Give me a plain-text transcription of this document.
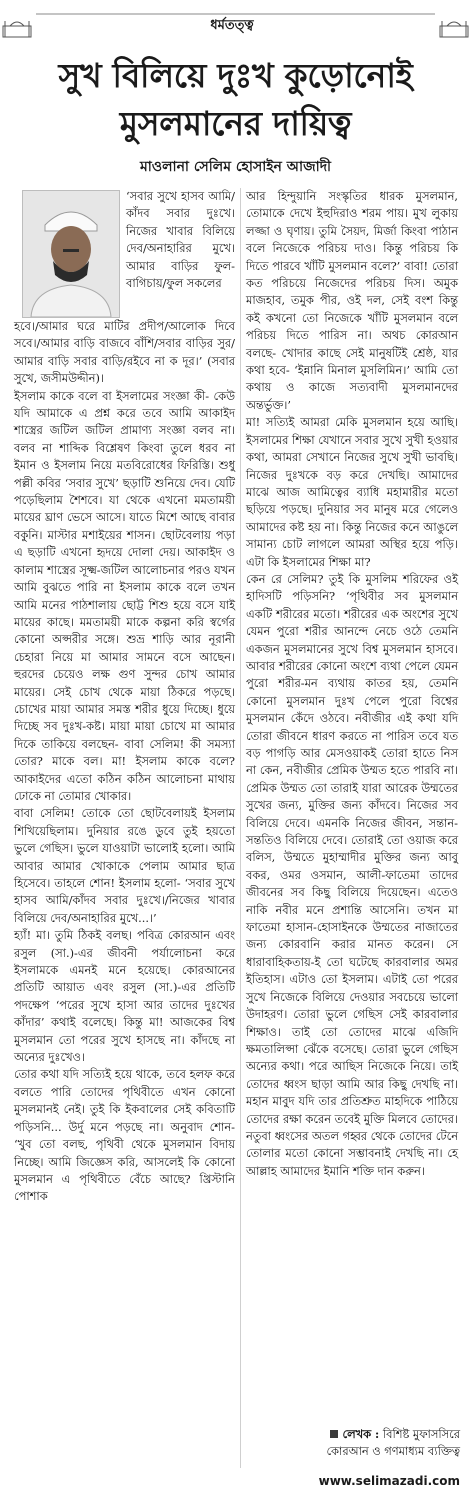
ধর্মতত্ত্ব
সুখ বিলিয়ে দুঃখ কুড়োনোই
মুসলমানের দায়িত্ব
মাওলানা সেলিম হোসাইন আজাদী

‘সবার সুখে হাসব আমি/কাঁদব সবার দুঃখে। নিজের খাবার বিলিয়ে দেব/অনাহারির মুখে। আমার বাড়ির ফুল-বাগিচায়/ফুল সকলের

হবে।/আমার ঘরে মাটির প্রদীপ/আলোক দিবে সবে।/আমার বাড়ি বাজবে বাঁশি/সবার বাড়ির সুর/আমার বাড়ি সবার বাড়ি/রইবে না ক দূর।’ (সবার সুখে, জসীমউদ্দীন)।

ইসলাম কাকে বলে বা ইসলামের সংজ্ঞা কী- কেউ যদি আমাকে এ প্রশ্ন করে তবে আমি আকাইদ শাস্ত্রের জটিল জটিল প্রামাণ্য সংজ্ঞা বলব না। বলব না শাব্দিক বিশ্লেষণ কিংবা তুলে ধরব না ইমান ও ইসলাম নিয়ে মতবিরোধের ফিরিস্তি। শুধু পল্লী কবির ‘সবার সুখে’ ছড়াটি শুনিয়ে দেব। যেটি পড়েছিলাম শৈশবে। যা থেকে এখনো মমতাময়ী মায়ের ঘ্রাণ ভেসে আসে। যাতে মিশে আছে বাবার বকুনি। মাস্টার মশাইয়ের শাসন। ছোটবেলায় পড়া এ ছড়াটি এখনো হৃদয়ে দোলা দেয়। আকাইদ ও কালাম শাস্ত্রের সূক্ষ্ম-জটিল আলোচনার পরও যখন আমি বুঝতে পারি না ইসলাম কাকে বলে তখন আমি মনের পাঠশালায় ছোট্ট শিশু হয়ে বসে যাই মায়ের কাছে। মমতাময়ী মাকে কল্পনা করি স্বর্গের কোনো অপ্সরীর সঙ্গে। শুভ্র শাড়ি আর নূরানী চেহারা নিয়ে মা আমার সামনে বসে আছেন। হুরদের চেয়েও লক্ষ গুণ সুন্দর চোখ আমার মায়ের। সেই চোখ থেকে মায়া ঠিকরে পড়ছে। চোখের মায়া আমার সমস্ত শরীর ধুয়ে দিচ্ছে। ধুয়ে দিচ্ছে সব দুঃখ-কষ্ট। মায়া মায়া চোখে মা আমার দিকে তাকিয়ে বলছেন- বাবা সেলিম! কী সমস্যা তোর? মাকে বল। মা! ইসলাম কাকে বলে? আকাইদের এতো কঠিন কঠিন আলোচনা মাথায় ঢোকে না তোমার খোকার।

বাবা সেলিম! তোকে তো ছোটবেলায়ই ইসলাম শিখিয়েছিলাম। দুনিয়ার রঙে ডুবে তুই হয়তো ভুলে গেছিস। ভুলে যাওয়াটা ভালোই হলো। আমি আবার আমার খোকাকে পেলাম আমার ছাত্র হিসেবে। তাহলে শোন! ইসলাম হলো- ‘সবার সুখে হাসব আমি/কাঁদব সবার দুঃখে।/নিজের খাবার বিলিয়ে দেব/অনাহারির মুখে...।’

হ্যাঁ! মা। তুমি ঠিকই বলছ। পবিত্র কোরআন এবং রসুল (সা.)-এর জীবনী পর্যালোচনা করে ইসলামকে এমনই মনে হয়েছে। কোরআনের প্রতিটি আয়াত এবং রসুল (সা.)-এর প্রতিটি পদক্ষেপ ‘পরের সুখে হাসা আর তাদের দুঃখের কাঁদার’ কথাই বলেছে। কিন্তু মা! আজকের বিশ্ব মুসলমান তো পরের সুখে হাসছে না। কাঁদছে না অন্যের দুঃখেও।

তোর কথা যদি সত্যিই হয়ে থাকে, তবে হলফ করে বলতে পারি তোদের পৃথিবীতে এখন কোনো মুসলমানই নেই। তুই কি ইকবালের সেই কবিতাটি পড়িসনি... উর্দু মনে পড়ছে না। অনুবাদ শোন- ‘খুব তো বলছ, পৃথিবী থেকে মুসলমান বিদায় নিচ্ছে। আমি জিজ্ঞেস করি, আসলেই কি কোনো মুসলমান এ পৃথিবীতে বেঁচে আছে? খ্রিস্টানি পোশাক

আর হিন্দুয়ানি সংস্কৃতির ধারক মুসলমান, তোমাকে দেখে ইহুদিরাও শরম পায়। মুখ লুকায় লজ্জা ও ঘৃণায়। তুমি সৈয়দ, মির্জা কিংবা পাঠান বলে নিজেকে পরিচয় দাও। কিন্তু পরিচয় কি দিতে পারবে খাঁটি মুসলমান বলে?’ বাবা! তোরা কত পরিচয়ে নিজেদের পরিচয় দিস। অমুক মাজহাব, তমুক পীর, ওই দল, সেই বংশ কিন্তু কই কখনো তো নিজেকে খাঁটি মুসলমান বলে পরিচয় দিতে পারিস না। অথচ কোরআন বলছে- খোদার কাছে সেই মানুষটিই শ্রেষ্ঠ, যার কথা হবে- ‘ইন্নানি মিনাল মুসলিমিন।’ আমি তো কথায় ও কাজে সত্যবাদী মুসলমানদের অন্তর্ভুক্ত।’

মা! সত্যিই আমরা মেকি মুসলমান হয়ে আছি। ইসলামের শিক্ষা যেখানে সবার সুখে সুখী হওয়ার কথা, আমরা সেখানে নিজের সুখে সুখী ভাবছি। নিজের দুঃখকে বড় করে দেখছি। আমাদের মাঝে আজ আমিত্বের ব্যাধি মহামারীর মতো ছড়িয়ে পড়ছে। দুনিয়ার সব মানুষ মরে গেলেও আমাদের কষ্ট হয় না। কিন্তু নিজের কনে আঙুলে সামান্য চোট লাগলে আমরা অস্থির হয়ে পড়ি। এটা কি ইসলামের শিক্ষা মা?

কেন রে সেলিম? তুই কি মুসলিম শরিফের ওই হাদিসটি পড়িসনি? ‘পৃথিবীর সব মুসলমান একটি শরীরের মতো। শরীরের এক অংশের সুখে যেমন পুরো শরীর আনন্দে নেচে ওঠে তেমনি একজন মুসলমানের সুখে বিশ্ব মুসলমান হাসবে। আবার শরীরের কোনো অংশে ব্যথা পেলে যেমন পুরো শরীর-মন ব্যথায় কাতর হয়, তেমনি কোনো মুসলমান দুঃখ পেলে পুরো বিশ্বের মুসলমান কেঁদে ওঠবে। নবীজীর এই কথা যদি তোরা জীবনে ধারণ করতে না পারিস তবে যত বড় পাগড়ি আর মেসওয়াকই তোরা হাতে নিস না কেন, নবীজীর প্রেমিক উম্মত হতে পারবি না। প্রেমিক উম্মত তো তারাই যারা আরেক উম্মতের সুখের জন্য, মুক্তির জন্য কাঁদবে। নিজের সব বিলিয়ে দেবে। এমনকি নিজের জীবন, সন্তান-সন্ততিও বিলিয়ে দেবে। তোরাই তো ওয়াজ করে বলিস, উম্মতে মুহাম্মাদীর মুক্তির জন্য আবু বকর, ওমর ওসমান, আলী-ফাতেমা তাদের জীবনের সব কিছু বিলিয়ে দিয়েছেন। এতেও নাকি নবীর মনে প্রশান্তি আসেনি। তখন মা ফাতেমা হাসান-হোসাইনকে উম্মতের নাজাতের জন্য কোরবানি করার মানত করেন। সে ধারাবাহিকতায়-ই তো ঘটেছে কারবালার অমর ইতিহাস। এটাও তো ইসলাম। এটাই তো পরের সুখে নিজেকে বিলিয়ে দেওয়ার সবচেয়ে ভালো উদাহরণ। তোরা ভুলে গেছিস সেই কারবালার শিক্ষাও। তাই তো তোদের মাঝে এজিদি ক্ষমতালিপ্সা ঝেঁকে বসেছে। তোরা ভুলে গেছিস অন্যের কথা। পরে আছিস নিজেকে নিয়ে। তাই তোদের ধ্বংস ছাড়া আমি আর কিছু দেখছি না। মহান মাবুদ যদি তার প্রতিশ্রুত মাহদিকে পাঠিয়ে তোদের রক্ষা করেন তবেই মুক্তি মিলবে তোদের। নতুবা ধ্বংসের অতল গহ্বর থেকে তোদের টেনে তোলার মতো কোনো সম্ভাবনাই দেখছি না। হে আল্লাহ আমাদের ইমানি শক্তি দান করুন।

লেখক : বিশিষ্ট মুফাসসিরে
কোরআন ও গণমাধ্যম ব্যক্তিত্ব
www.selimazadi.com
